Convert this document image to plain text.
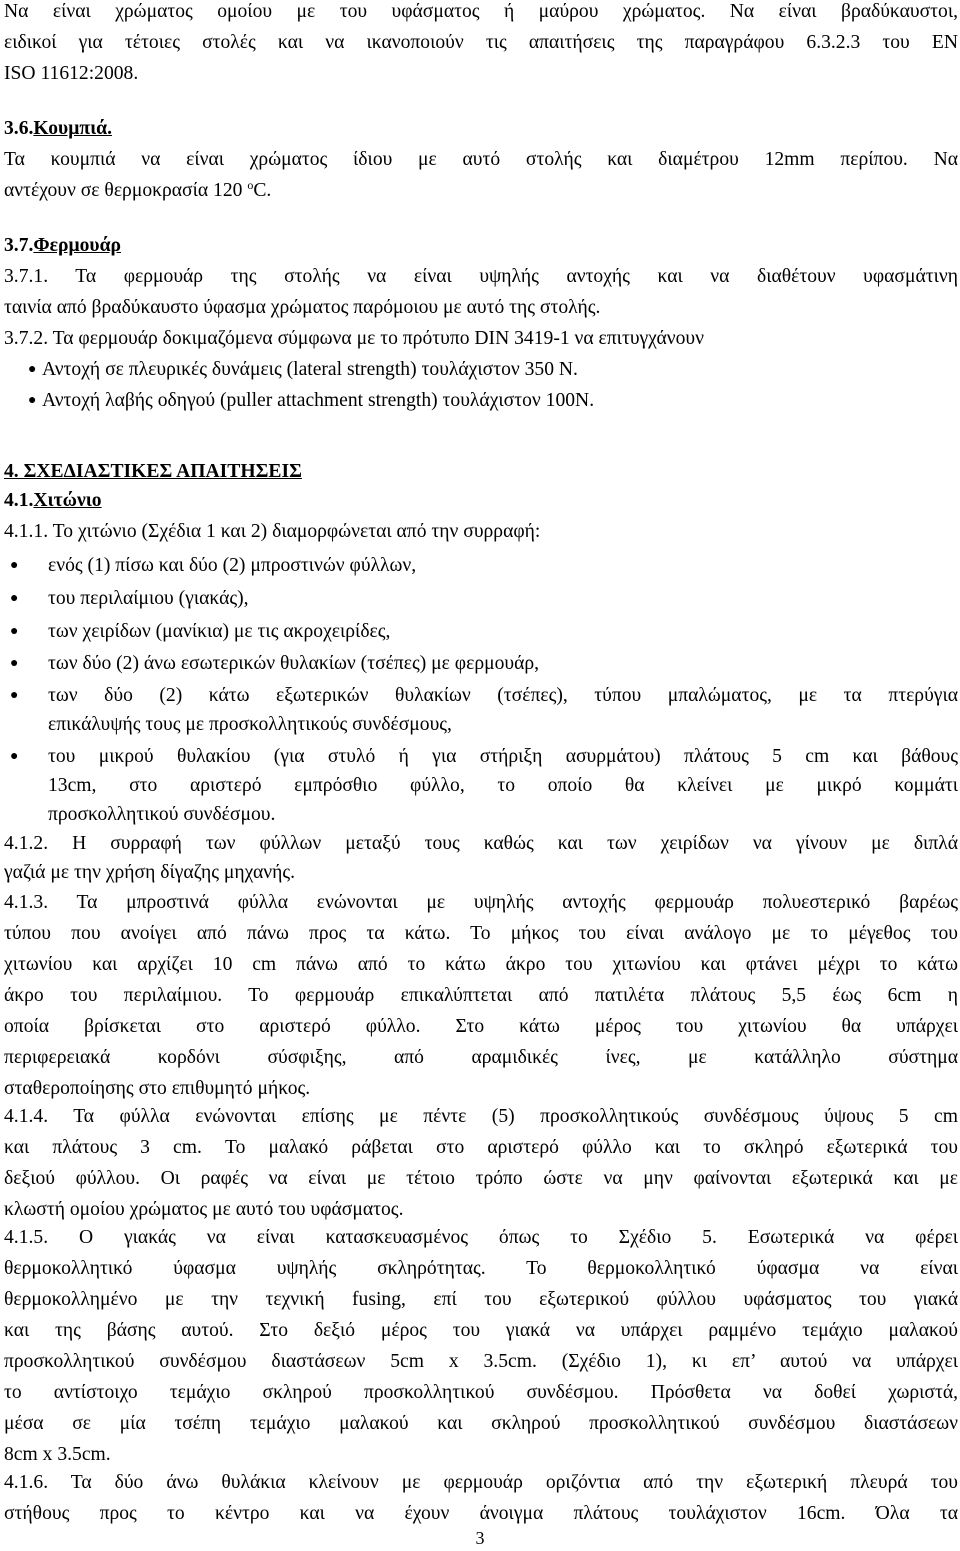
Να είναι χρώματος ομοίου με του υφάσματος ή μαύρου χρώματος. Να είναι βραδύκαυστοι,
ειδικοί για τέτοιες στολές και να ικανοποιούν τις απαιτήσεις της παραγράφου 6.3.2.3 του ΕΝ
ISO 11612:2008.
3.6.Κουμπιά.
Τα κουμπιά να είναι χρώματος ίδιου με αυτό στολής και διαμέτρου 12mm περίπου. Να
αντέχουν σε θερμοκρασία 120 $^o$C.
3.7.Φερμουάρ
3.7.1. Τα φερμουάρ της στολής να είναι υψηλής αντοχής και να διαθέτουν υφασμάτινη
ταινία από βραδύκαυστο ύφασμα χρώματος παρόμοιου με αυτό της στολής.
3.7.2. Τα φερμουάρ δοκιμαζόμενα σύμφωνα με το πρότυπο DIN 3419-1 να επιτυγχάνουν
● Αντοχή σε πλευρικές δυνάμεις (lateral strength) τουλάχιστον 350 Ν.
● Αντοχή λαβής οδηγού (puller attachment strength) τουλάχιστον 100Ν.
4. ΣΧΕΔΙΑΣΤΙΚΕΣ ΑΠΑΙΤΗΣΕΙΣ
4.1.Χιτώνιο
4.1.1. Το χιτώνιο (Σχέδια 1 και 2) διαμορφώνεται από την συρραφή:
● ενός (1) πίσω και δύο (2) μπροστινών φύλλων,
● του περιλαίμιου (γιακάς),
● των χειρίδων (μανίκια) με τις ακροχειρίδες,
● των δύο (2) άνω εσωτερικών θυλακίων (τσέπες) με φερμουάρ,
● των δύο (2) κάτω εξωτερικών θυλακίων (τσέπες), τύπου μπαλώματος, με τα πτερύγια
επικάλυψής τους με προσκολλητικούς συνδέσμους,
● του μικρού θυλακίου (για στυλό ή για στήριξη ασυρμάτου) πλάτους 5 cm και βάθους
13cm, στο αριστερό εμπρόσθιο φύλλο, το οποίο θα κλείνει με μικρό κομμάτι
προσκολλητικού συνδέσμου.
4.1.2. Η συρραφή των φύλλων μεταξύ τους καθώς και των χειρίδων να γίνουν με διπλά
γαζιά με την χρήση δίγαζης μηχανής.
4.1.3. Τα μπροστινά φύλλα ενώνονται με υψηλής αντοχής φερμουάρ πολυεστερικό βαρέως
τύπου που ανοίγει από πάνω προς τα κάτω. Το μήκος του είναι ανάλογο με το μέγεθος του
χιτωνίου και αρχίζει 10 cm πάνω από το κάτω άκρο του χιτωνίου και φτάνει μέχρι το κάτω
άκρο του περιλαίμιου. Το φερμουάρ επικαλύπτεται από πατιλέτα πλάτους 5,5 έως 6cm η
οποία βρίσκεται στο αριστερό φύλλο. Στο κάτω μέρος του χιτωνίου θα υπάρχει
περιφερειακά κορδόνι σύσφιξης, από αραμιδικές ίνες, με κατάλληλο σύστημα
σταθεροποίησης στο επιθυμητό μήκος.
4.1.4. Τα φύλλα ενώνονται επίσης με πέντε (5) προσκολλητικούς συνδέσμους ύψους 5 cm
και πλάτους 3 cm. Το μαλακό ράβεται στο αριστερό φύλλο και το σκληρό εξωτερικά του
δεξιού φύλλου. Οι ραφές να είναι με τέτοιο τρόπο ώστε να μην φαίνονται εξωτερικά και με
κλωστή ομοίου χρώματος με αυτό του υφάσματος.
4.1.5. Ο γιακάς να είναι κατασκευασμένος όπως το Σχέδιο 5. Εσωτερικά να φέρει
θερμοκολλητικό ύφασμα υψηλής σκληρότητας. Το θερμοκολλητικό ύφασμα να είναι
θερμοκολλημένο με την τεχνική fusing, επί του εξωτερικού φύλλου υφάσματος του γιακά
και της βάσης αυτού. Στο δεξιό μέρος του γιακά να υπάρχει ραμμένο τεμάχιο μαλακού
προσκολλητικού συνδέσμου διαστάσεων 5cm x 3.5cm. (Σχέδιο 1), κι επ’ αυτού να υπάρχει
το αντίστοιχο τεμάχιο σκληρού προσκολλητικού συνδέσμου. Πρόσθετα να δοθεί χωριστά,
μέσα σε μία τσέπη τεμάχιο μαλακού και σκληρού προσκολλητικού συνδέσμου διαστάσεων
8cm x 3.5cm.
4.1.6. Τα δύο άνω θυλάκια κλείνουν με φερμουάρ οριζόντια από την εξωτερική πλευρά του
στήθους προς το κέντρο και να έχουν άνοιγμα πλάτους τουλάχιστον 16cm. Όλα τα
3
